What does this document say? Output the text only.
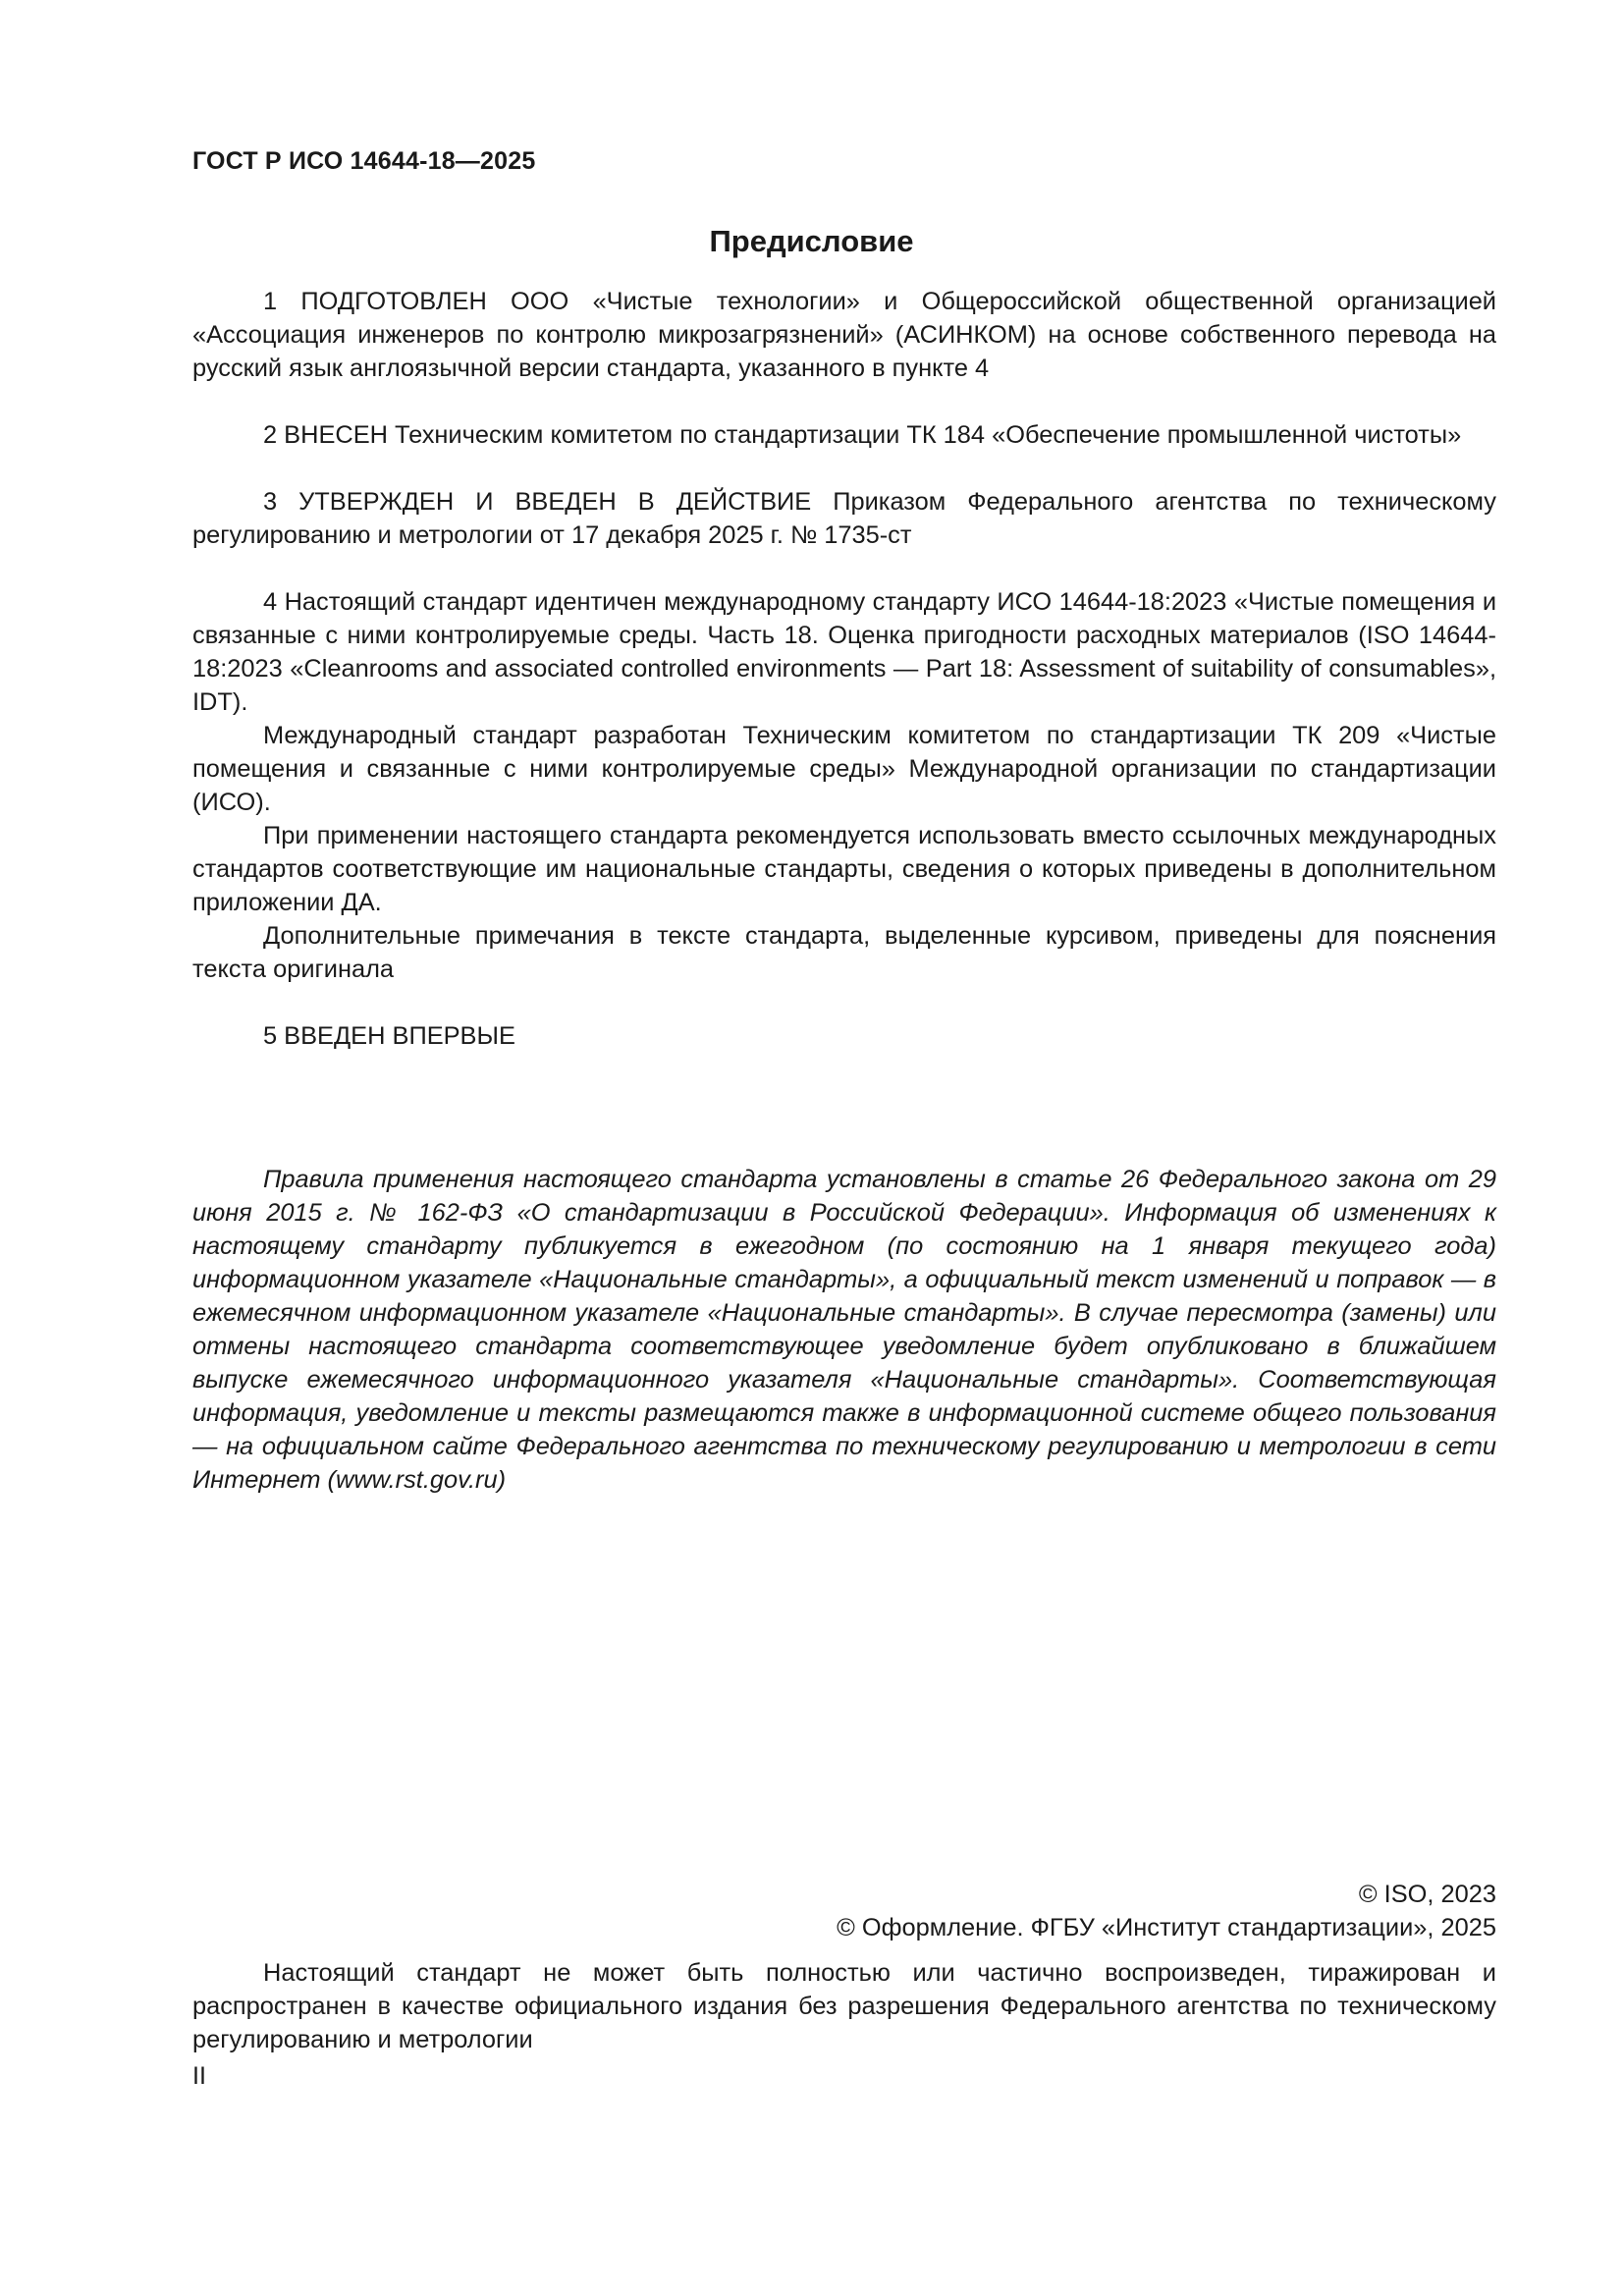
ГОСТ Р ИСО 14644-18—2025
Предисловие

1 ПОДГОТОВЛЕН ООО «Чистые технологии» и Общероссийской общественной организацией «Ассоциация инженеров по контролю микрозагрязнений» (АСИНКОМ) на основе собственного перевода на русский язык англоязычной версии стандарта, указанного в пункте 4

2 ВНЕСЕН Техническим комитетом по стандартизации ТК 184 «Обеспечение промышленной чистоты»

3 УТВЕРЖДЕН И ВВЕДЕН В ДЕЙСТВИЕ Приказом Федерального агентства по техническому регулированию и метрологии от 17 декабря 2025 г. № 1735-ст

4 Настоящий стандарт идентичен международному стандарту ИСО 14644-18:2023 «Чистые помещения и связанные с ними контролируемые среды. Часть 18. Оценка пригодности расходных материалов (ISO 14644-18:2023 «Cleanrooms and associated controlled environments — Part 18: Assessment of suitability of consumables», IDT).

Международный стандарт разработан Техническим комитетом по стандартизации ТК 209 «Чистые помещения и связанные с ними контролируемые среды» Международной организации по стандартизации (ИСО).

При применении настоящего стандарта рекомендуется использовать вместо ссылочных международных стандартов соответствующие им национальные стандарты, сведения о которых приведены в дополнительном приложении ДА.

Дополнительные примечания в тексте стандарта, выделенные курсивом, приведены для пояснения текста оригинала

5 ВВЕДЕН ВПЕРВЫЕ

Правила применения настоящего стандарта установлены в статье 26 Федерального закона от 29 июня 2015 г. № 162-ФЗ «О стандартизации в Российской Федерации». Информация об изменениях к настоящему стандарту публикуется в ежегодном (по состоянию на 1 января текущего года) информационном указателе «Национальные стандарты», а официальный текст изменений и поправок — в ежемесячном информационном указателе «Национальные стандарты». В случае пересмотра (замены) или отмены настоящего стандарта соответствующее уведомление будет опубликовано в ближайшем выпуске ежемесячного информационного указателя «Национальные стандарты». Соответствующая информация, уведомление и тексты размещаются также в информационной системе общего пользования — на официальном сайте Федерального агентства по техническому регулированию и метрологии в сети Интернет (www.rst.gov.ru)
© ISO, 2023
© Оформление. ФГБУ «Институт стандартизации», 2025
Настоящий стандарт не может быть полностью или частично воспроизведен, тиражирован и распространен в качестве официального издания без разрешения Федерального агентства по техническому регулированию и метрологии
II
